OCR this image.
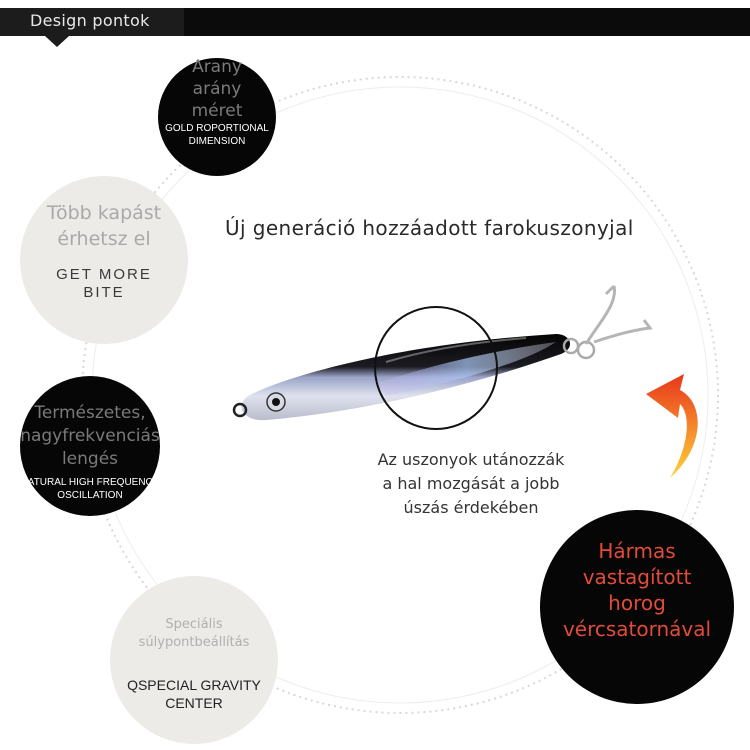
Design pontok
Arany
arány
méret
GOLD ROPORTIONAL
DIMENSION
Több kapást
érhetsz el
GET MORE
BITE
Természetes,
nagyfrekvenciás
lengés
NATURAL HIGH FREQUENCY
OSCILLATION
Speciális
súlypontbeállítás
QSPECIAL GRAVITY
CENTER
Új generáció hozzáadott farokuszonyjal
Az uszonyok utánozzák
a hal mozgását a jobb
úszás érdekében
Hármas
vastagított
horog
vércsatornával
